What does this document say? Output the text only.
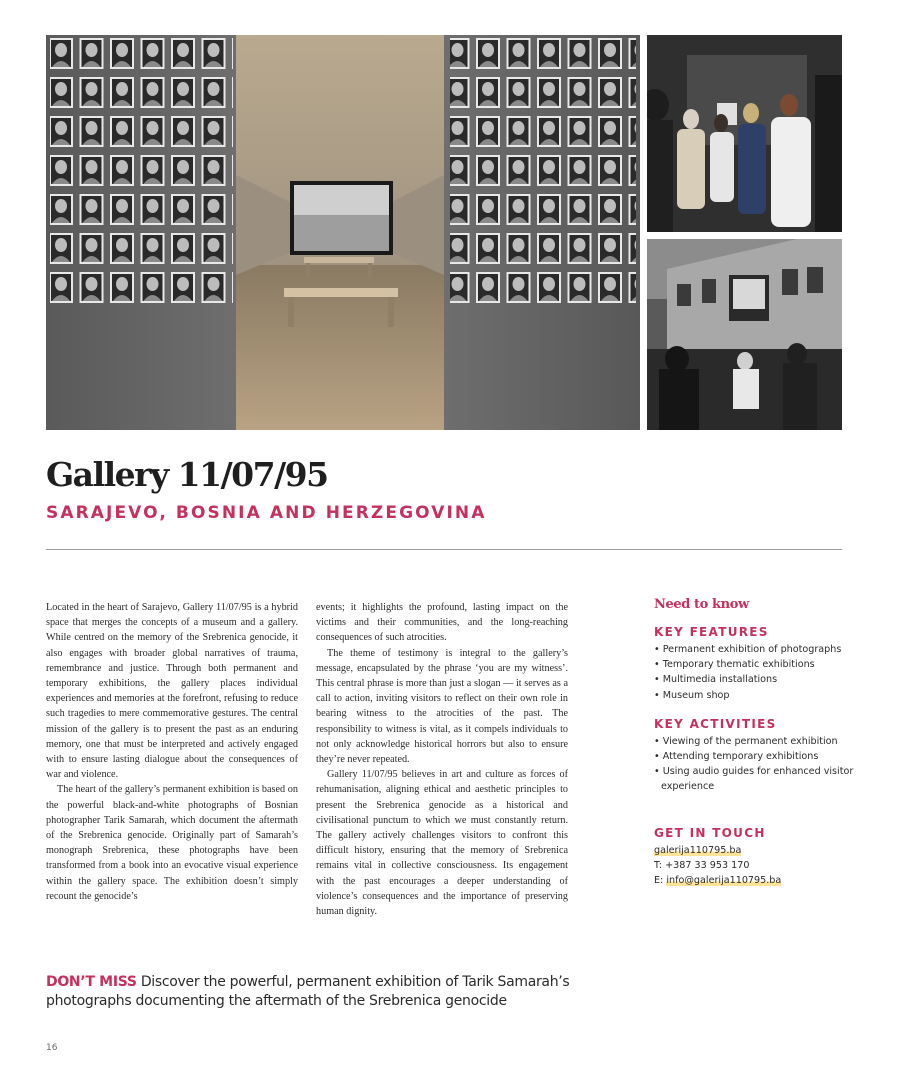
Gallery 11/07/95
SARAJEVO, BOSNIA AND HERZEGOVINA

Located in the heart of Sarajevo, Gallery 11/07/95 is a hybrid space that merges the concepts of a museum and a gallery. While centred on the memory of the Srebrenica genocide, it also engages with broader global narratives of trauma, remembrance and justice. Through both permanent and temporary exhibitions, the gallery places individual experiences and memories at the forefront, refusing to reduce such tragedies to mere commemorative gestures. The central mission of the gallery is to present the past as an enduring memory, one that must be interpreted and actively engaged with to ensure lasting dialogue about the consequences of war and violence.

The heart of the gallery’s permanent exhibition is based on the powerful black-and-white photographs of Bosnian photographer Tarik Samarah, which document the aftermath of the Srebrenica genocide. Originally part of Samarah’s monograph Srebrenica, these photographs have been transformed from a book into an evocative visual experience within the gallery space. The exhibition doesn’t simply recount the genocide’s

events; it highlights the profound, lasting impact on the victims and their communities, and the long-reaching consequences of such atrocities.

The theme of testimony is integral to the gallery’s message, encapsulated by the phrase ‘you are my witness’. This central phrase is more than just a slogan — it serves as a call to action, inviting visitors to reflect on their own role in bearing witness to the atrocities of the past. The responsibility to witness is vital, as it compels individuals to not only acknowledge historical horrors but also to ensure they’re never repeated.

Gallery 11/07/95 believes in art and culture as forces of rehumanisation, aligning ethical and aesthetic principles to present the Srebrenica genocide as a historical and civilisational punctum to which we must constantly return. The gallery actively challenges visitors to confront this difficult history, ensuring that the memory of Srebrenica remains vital in collective consciousness. Its engagement with the past encourages a deeper understanding of violence’s consequences and the importance of preserving human dignity.

Need to know
KEY FEATURES
• Permanent exhibition of photographs
• Temporary thematic exhibitions
• Multimedia installations
• Museum shop
KEY ACTIVITIES
• Viewing of the permanent exhibition
• Attending temporary exhibitions
• Using audio guides for enhanced visitor experience
GET IN TOUCH
galerija110795.ba
T: +387 33 953 170
E: info@galerija110795.ba

DON’T MISS Discover the powerful, permanent exhibition of Tarik Samarah’s photographs documenting the aftermath of the Srebrenica genocide

16
